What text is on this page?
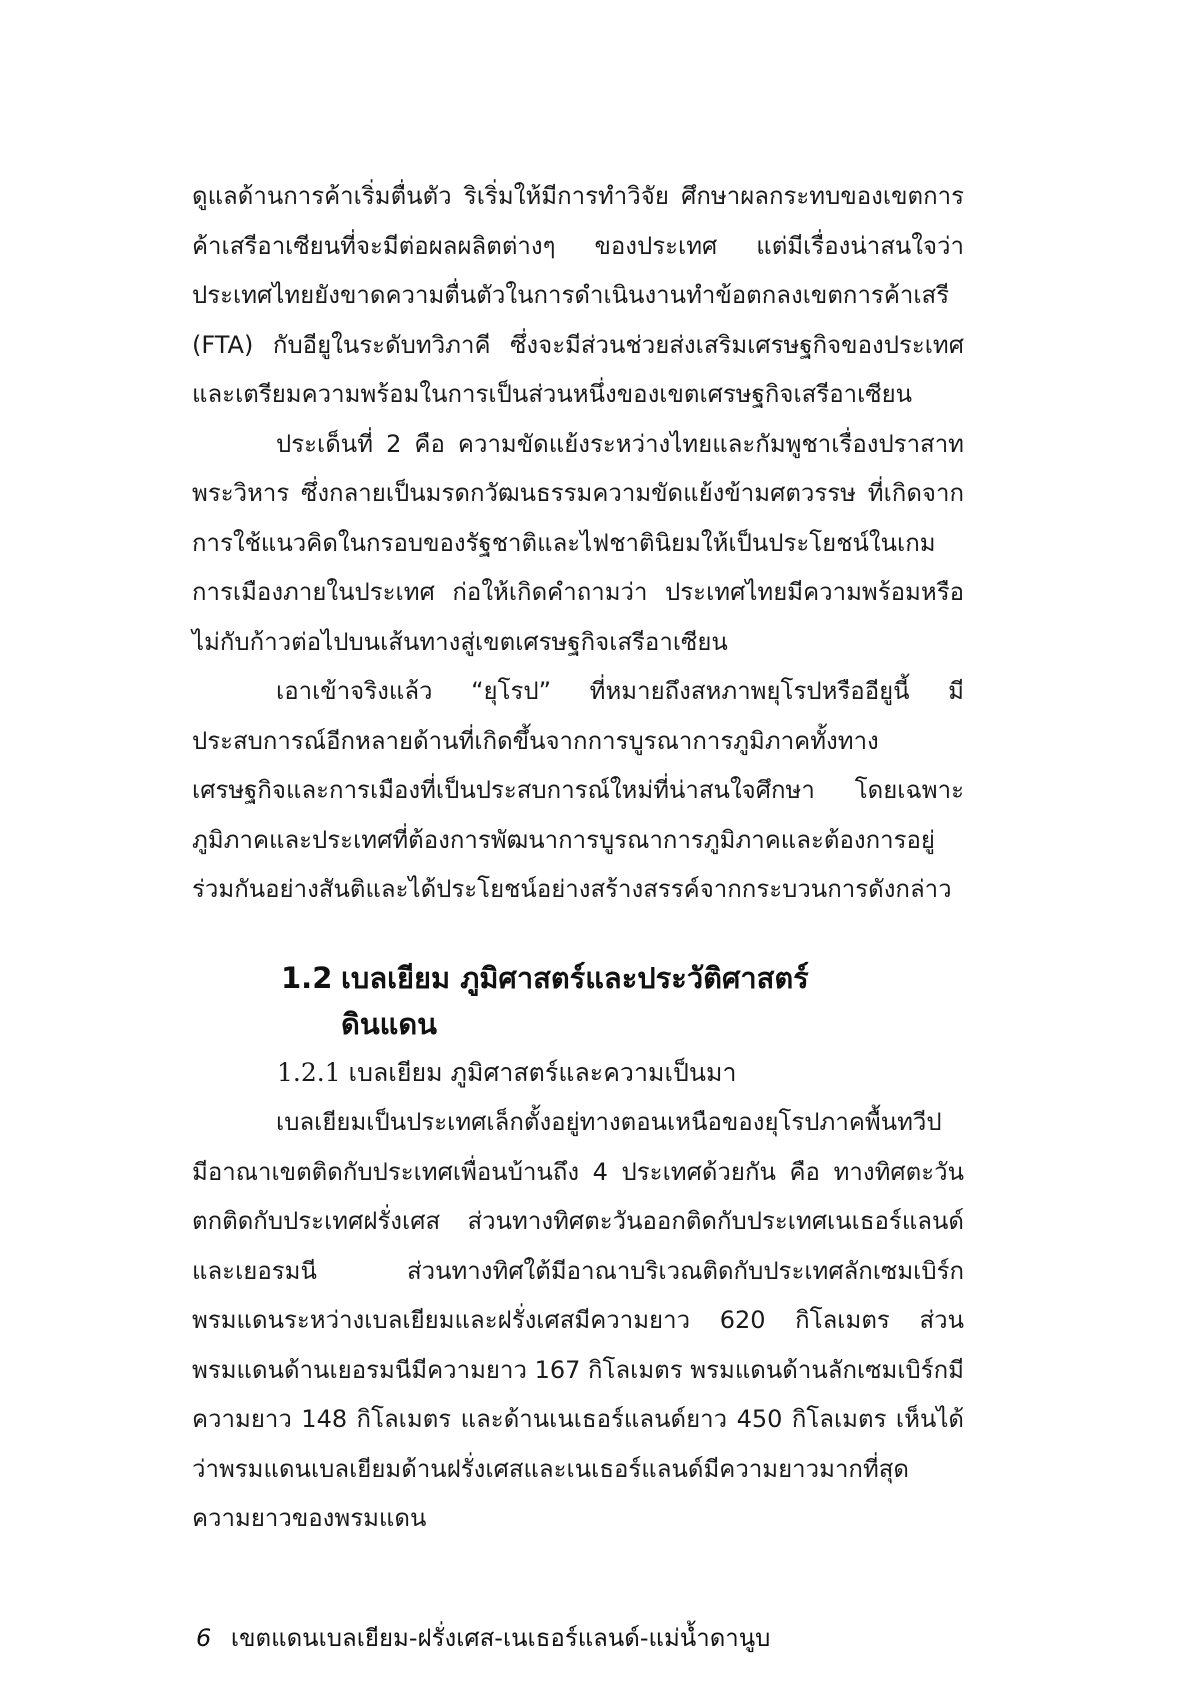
ดูแลด้านการค้าเริ่มตื่นตัว ริเริ่มให้มีการทำวิจัย ศึกษาผลกระทบของเขตการค้าเสรีอาเซียนที่จะมีต่อผลผลิตต่างๆ ของประเทศ แต่มีเรื่องน่าสนใจว่าประเทศไทยยังขาดความตื่นตัวในการดำเนินงานทำข้อตกลงเขตการค้าเสรี (FTA) กับอียูในระดับทวิภาคี ซึ่งจะมีส่วนช่วยส่งเสริมเศรษฐกิจของประเทศและเตรียมความพร้อมในการเป็นส่วนหนึ่งของเขตเศรษฐกิจเสรีอาเซียน

ประเด็นที่ 2 คือ ความขัดแย้งระหว่างไทยและกัมพูชาเรื่องปราสาทพระวิหาร ซึ่งกลายเป็นมรดกวัฒนธรรมความขัดแย้งข้ามศตวรรษ ที่เกิดจากการใช้แนวคิดในกรอบของรัฐชาติและไฟชาตินิยมให้เป็นประโยชน์ในเกมการเมืองภายในประเทศ ก่อให้เกิดคำถามว่า ประเทศไทยมีความพร้อมหรือไม่กับก้าวต่อไปบนเส้นทางสู่เขตเศรษฐกิจเสรีอาเซียน

เอาเข้าจริงแล้ว “ยุโรป” ที่หมายถึงสหภาพยุโรปหรืออียูนี้ มีประสบการณ์อีกหลายด้านที่เกิดขึ้นจากการบูรณาการภูมิภาคทั้งทางเศรษฐกิจและการเมืองที่เป็นประสบการณ์ใหม่ที่น่าสนใจศึกษา โดยเฉพาะภูมิภาคและประเทศที่ต้องการพัฒนาการบูรณาการภูมิภาคและต้องการอยู่ร่วมกันอย่างสันติและได้ประโยชน์อย่างสร้างสรรค์จากกระบวนการดังกล่าว

1.2 เบลเยียม ภูมิศาสตร์และประวัติศาสตร์
ดินแดน
1.2.1 เบลเยียม ภูมิศาสตร์และความเป็นมา

เบลเยียมเป็นประเทศเล็กตั้งอยู่ทางตอนเหนือของยุโรปภาคพื้นทวีป มีอาณาเขตติดกับประเทศเพื่อนบ้านถึง 4 ประเทศด้วยกัน คือ ทางทิศตะวันตกติดกับประเทศฝรั่งเศส ส่วนทางทิศตะวันออกติดกับประเทศเนเธอร์แลนด์และเยอรมนี ส่วนทางทิศใต้มีอาณาบริเวณติดกับประเทศลักเซมเบิร์ก พรมแดนระหว่างเบลเยียมและฝรั่งเศสมีความยาว 620 กิโลเมตร ส่วนพรมแดนด้านเยอรมนีมีความยาว 167 กิโลเมตร พรมแดนด้านลักเซมเบิร์กมีความยาว 148 กิโลเมตร และด้านเนเธอร์แลนด์ยาว 450 กิโลเมตร เห็นได้ว่าพรมแดนเบลเยียมด้านฝรั่งเศสและเนเธอร์แลนด์มีความยาวมากที่สุด ความยาวของพรมแดน

6 เขตแดนเบลเยียม-ฝรั่งเศส-เนเธอร์แลนด์-แม่น้ำดานูบ
